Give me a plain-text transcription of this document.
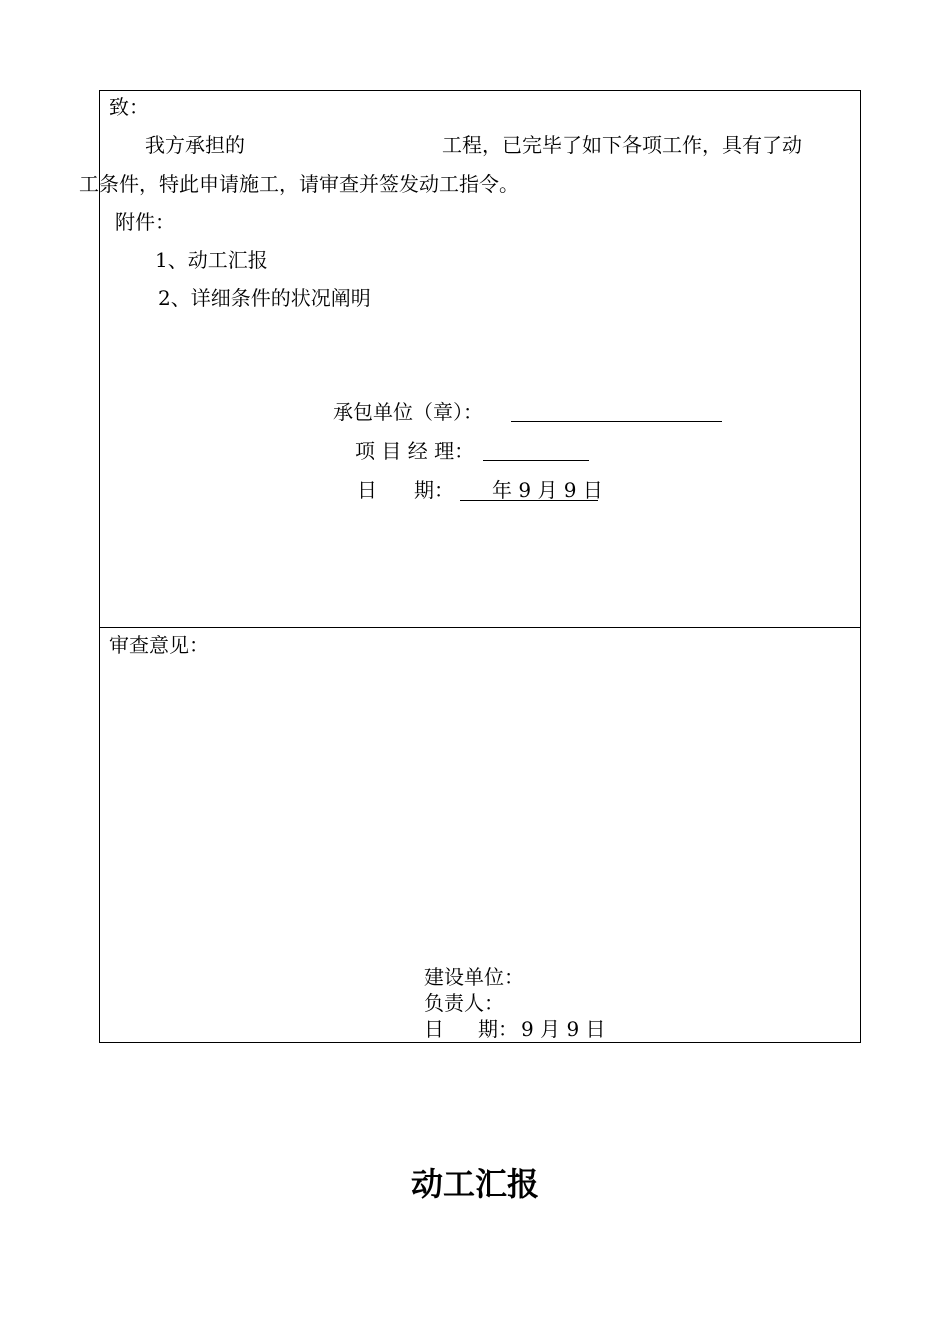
致：
我方承担的	工程，已完毕了如下各项工作，具有了动
工条件，特此申请施工，请审查并签发动工指令。
附件：
1、动工汇报
2、详细条件的状况阐明
承包单位（章）：
项 目 经 理：
日 期： 年 9 月 9 日
审查意见：
建设单位：
负责人：
日 期： 9 月 9 日
动工汇报
